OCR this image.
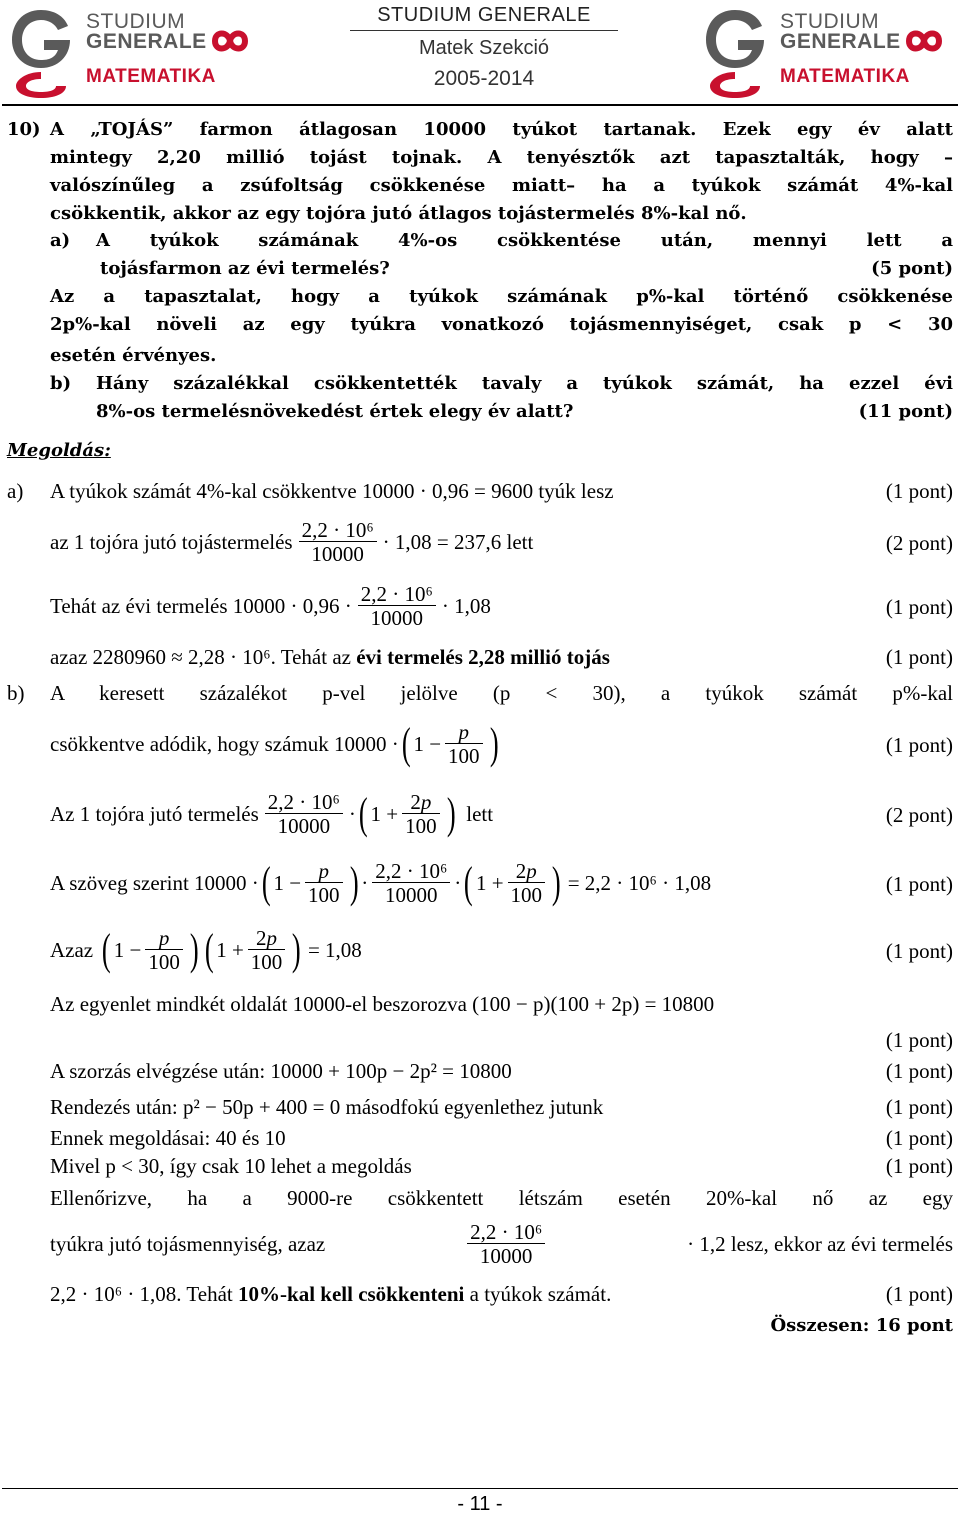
STUDIUM
GENERALE
MATEMATIKA
STUDIUM GENERALE
Matek Szekció
2005-2014
STUDIUM
GENERALE
MATEMATIKA
10) A „TOJÁS” farmon átlagosan 10000 tyúkot tartanak. Ezek egy év alatt
mintegy 2,20 millió tojást tojnak. A tenyésztők azt tapasztalták, hogy –
valószínűleg a zsúfoltság csökkenése miatt– ha a tyúkok számát 4%-kal
csökkentik, akkor az egy tojóra jutó átlagos tojástermelés 8%-kal nő.
a) A tyúkok számának 4%-os csökkentése után, mennyi lett a
tojásfarmon az évi termelés?	(5 pont)
Az a tapasztalat, hogy a tyúkok számának p%-kal történő csökkenése
2p%-kal növeli az egy tyúkra vonatkozó tojásmennyiséget, csak p < 30
esetén érvényes.
b) Hány százalékkal csökkentették tavaly a tyúkok számát, ha ezzel évi
8%-os termelésnövekedést értek elegy év alatt?	(11 pont)
Megoldás:
a) A tyúkok számát 4%-kal csökkentve 10000 · 0,96 = 9600 tyúk lesz	(1 pont)
az 1 tojóra jutó tojástermelés $\frac{\text{2,2 · 10⁶}}{10000} \cdot 1,08 = 237,6$ lett	(2 pont)
Tehát az évi termelés $10000 \cdot 0,96 \cdot \frac{\text{2,2 · 10⁶}}{10000} \cdot 1,08$	(1 pont)
azaz 2280960 ≈ 2,28 · 10⁶. Tehát az évi termelés 2,28 millió tojás	(1 pont)
b) A keresett százalékot p-vel jelölve (p < 30), a tyúkok számát p%-kal
csökkentve adódik, hogy számuk 10000 · ( $1 - \frac{p}{100}$ )	(1 pont)
Az 1 tojóra jutó termelés $\frac{\text{2,2 · 10⁶}}{10000}$ · ( $1 + \frac{2p}{100}$ ) lett	(2 pont)
A szöveg szerint 10000 · ( $1 - \frac{p}{100}$ ) · $\frac{\text{2,2 · 10⁶}}{10000}$ · ( $1 + \frac{2p}{100}$ ) = 2,2 · 10⁶ · 1,08	(1 pont)
Azaz ( $1 - \frac{p}{100}$ ) ( $1 + \frac{2p}{100}$ ) = 1,08	(1 pont)
Az egyenlet mindkét oldalát 10000-el beszorozva (100 − p)(100 + 2p) = 10800
(1 pont)
A szorzás elvégzése után: 10000 + 100p − 2p² = 10800	(1 pont)
Rendezés után: p² − 50p + 400 = 0 másodfokú egyenlethez jutunk	(1 pont)
Ennek megoldásai: 40 és 10	(1 pont)
Mivel p < 30, így csak 10 lehet a megoldás	(1 pont)
Ellenőrizve, ha a 9000-re csökkentett létszám esetén 20%-kal nő az egy
tyúkra jutó tojásmennyiség, azaz	$\frac{\text{2,2 · 10⁶}}{10000}$	· 1,2 lesz, ekkor az évi termelés
2,2 · 10⁶ · 1,08. Tehát 10%-kal kell csökkenteni a tyúkok számát.	(1 pont)
Összesen: 16 pont
- 11 -
